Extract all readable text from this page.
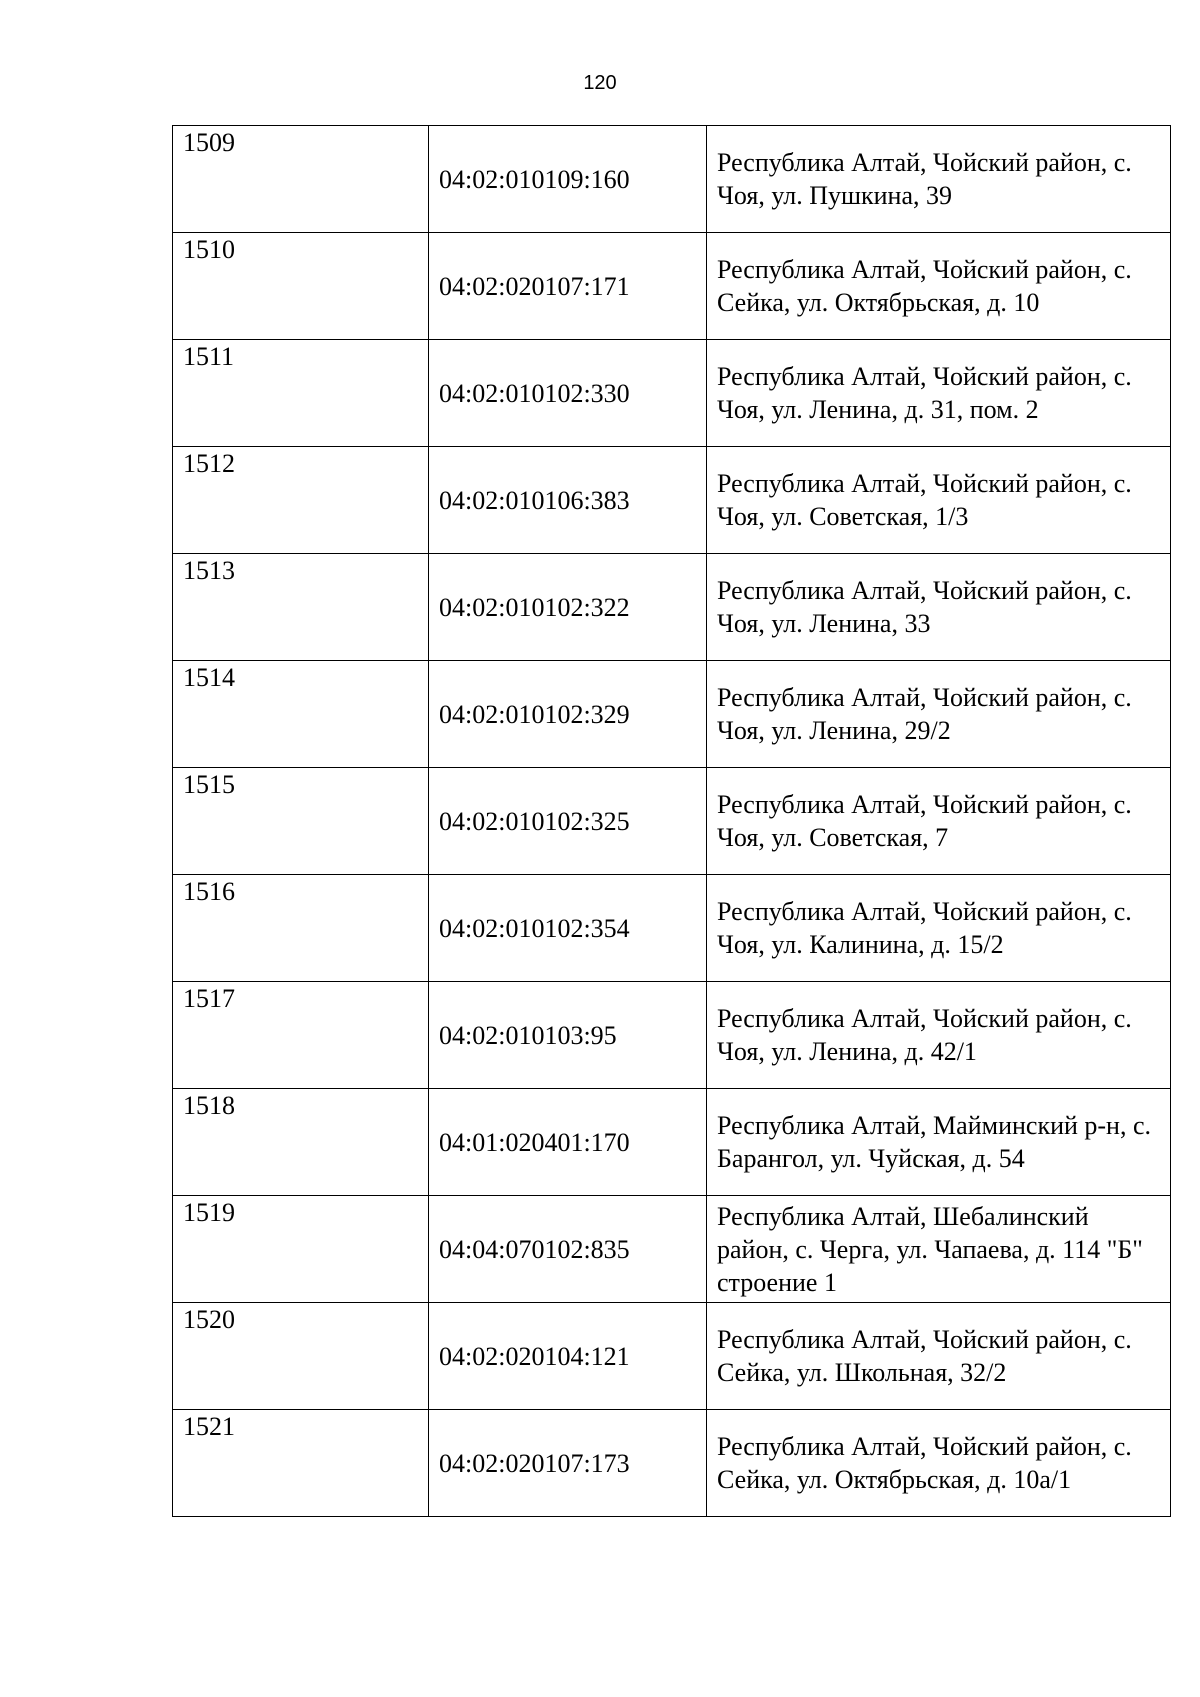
120
1509	04:02:010109:160	Республика Алтай, Чойский район, с. Чоя, ул. Пушкина, 39
1510	04:02:020107:171	Республика Алтай, Чойский район, с. Сейка, ул. Октябрьская, д. 10
1511	04:02:010102:330	Республика Алтай, Чойский район, с. Чоя, ул. Ленина, д. 31, пом. 2
1512	04:02:010106:383	Республика Алтай, Чойский район, с. Чоя, ул. Советская, 1/3
1513	04:02:010102:322	Республика Алтай, Чойский район, с. Чоя, ул. Ленина, 33
1514	04:02:010102:329	Республика Алтай, Чойский район, с. Чоя, ул. Ленина, 29/2
1515	04:02:010102:325	Республика Алтай, Чойский район, с. Чоя, ул. Советская, 7
1516	04:02:010102:354	Республика Алтай, Чойский район, с. Чоя, ул. Калинина, д. 15/2
1517	04:02:010103:95	Республика Алтай, Чойский район, с. Чоя, ул. Ленина, д. 42/1
1518	04:01:020401:170	Республика Алтай, Майминский р-н, с. Барангол, ул. Чуйская, д. 54
1519	04:04:070102:835	Республика Алтай, Шебалинский район, с. Черга, ул. Чапаева, д. 114 "Б" строение 1
1520	04:02:020104:121	Республика Алтай, Чойский район, с. Сейка, ул. Школьная, 32/2
1521	04:02:020107:173	Республика Алтай, Чойский район, с. Сейка, ул. Октябрьская, д. 10а/1
